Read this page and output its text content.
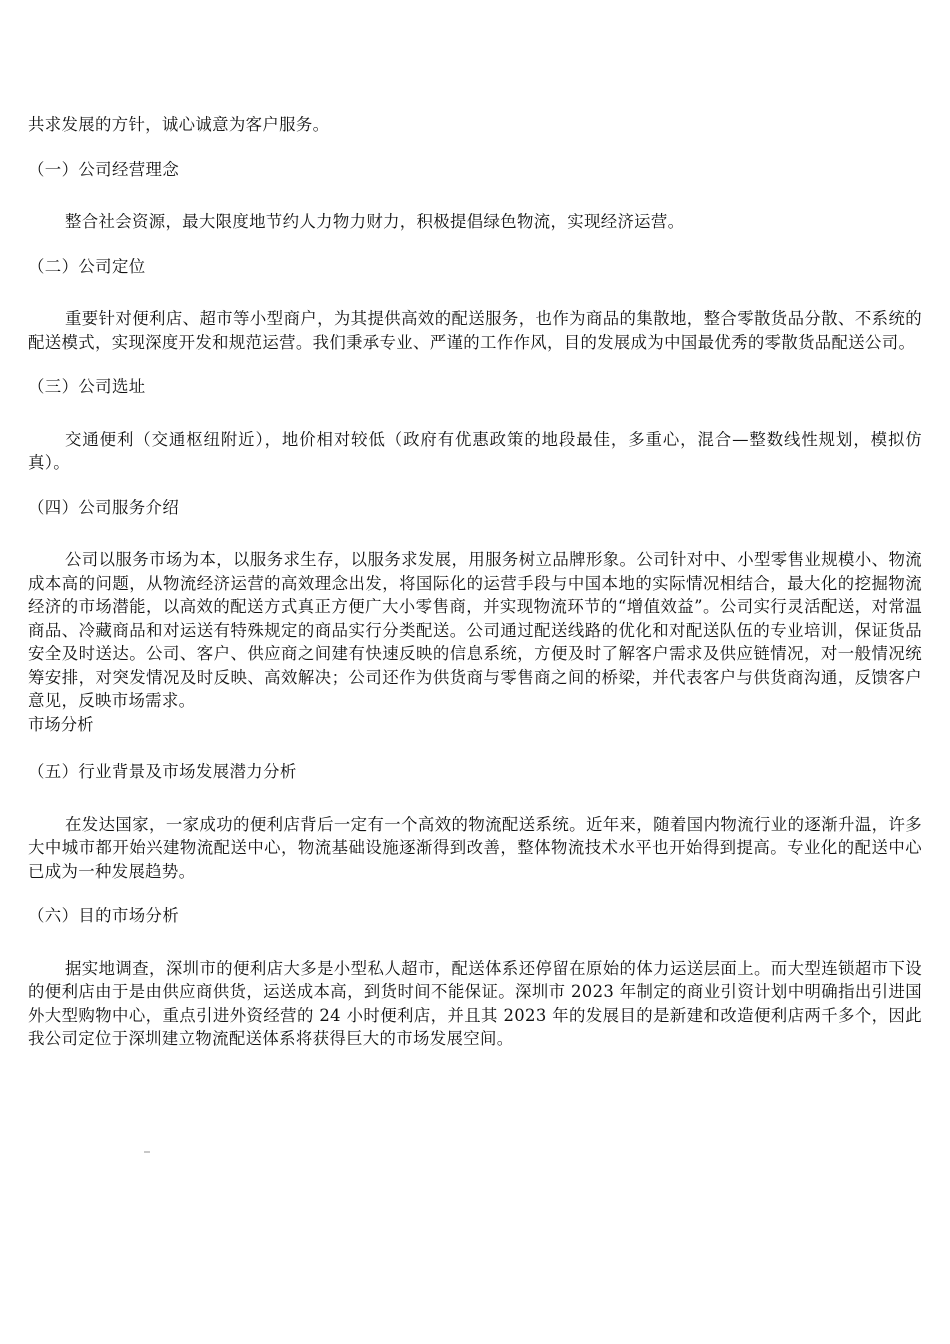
共求发展的方针，诚心诚意为客户服务。

（一）公司经营理念

整合社会资源，最大限度地节约人力物力财力，积极提倡绿色物流，实现经济运营。

（二）公司定位

重要针对便利店、超市等小型商户，为其提供高效的配送服务，也作为商品的集散地，整合零散货品分散、不系统的配送模式，实现深度开发和规范运营。我们秉承专业、严谨的工作作风，目的发展成为中国最优秀的零散货品配送公司。

（三）公司选址

交通便利（交通枢纽附近），地价相对较低（政府有优惠政策的地段最佳，多重心，混合—整数线性规划，模拟仿真）。

（四）公司服务介绍

公司以服务市场为本，以服务求生存，以服务求发展，用服务树立品牌形象。公司针对中、小型零售业规模小、物流成本高的问题，从物流经济运营的高效理念出发，将国际化的运营手段与中国本地的实际情况相结合，最大化的挖掘物流经济的市场潜能，以高效的配送方式真正方便广大小零售商，并实现物流环节的“增值效益”。公司实行灵活配送，对常温商品、冷藏商品和对运送有特殊规定的商品实行分类配送。公司通过配送线路的优化和对配送队伍的专业培训，保证货品安全及时送达。公司、客户、供应商之间建有快速反映的信息系统，方便及时了解客户需求及供应链情况，对一般情况统筹安排，对突发情况及时反映、高效解决；公司还作为供货商与零售商之间的桥梁，并代表客户与供货商沟通，反馈客户意见，反映市场需求。

市场分析

（五）行业背景及市场发展潜力分析

在发达国家，一家成功的便利店背后一定有一个高效的物流配送系统。近年来，随着国内物流行业的逐渐升温，许多大中城市都开始兴建物流配送中心，物流基础设施逐渐得到改善，整体物流技术水平也开始得到提高。专业化的配送中心已成为一种发展趋势。

（六）目的市场分析

据实地调查，深圳市的便利店大多是小型私人超市，配送体系还停留在原始的体力运送层面上。而大型连锁超市下设的便利店由于是由供应商供货，运送成本高，到货时间不能保证。深圳市 2023 年制定的商业引资计划中明确指出引进国外大型购物中心，重点引进外资经营的 24 小时便利店，并且其 2023 年的发展目的是新建和改造便利店两千多个，因此我公司定位于深圳建立物流配送体系将获得巨大的市场发展空间。
